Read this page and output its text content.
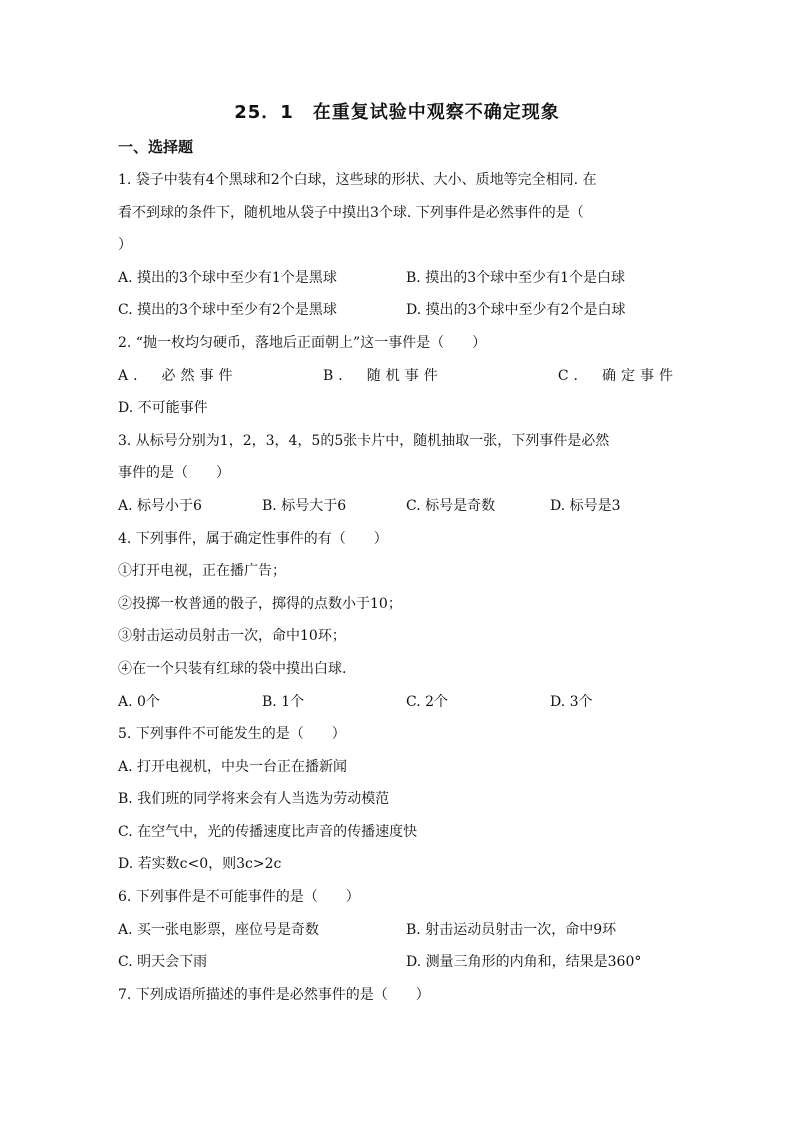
25．1　在重复试验中观察不确定现象
一、选择题
1. 袋子中装有4个黑球和2个白球，这些球的形状、大小、质地等完全相同. 在
看不到球的条件下，随机地从袋子中摸出3个球. 下列事件是必然事件的是（
）
A. 摸出的3个球中至少有1个是黑球	B. 摸出的3个球中至少有1个是白球
C. 摸出的3个球中至少有2个是黑球	D. 摸出的3个球中至少有2个是白球
2. “抛一枚均匀硬币，落地后正面朝上”这一事件是（　　）
A． 必然事件	B． 随机事件	C． 确定事件
D. 不可能事件
3. 从标号分别为1，2，3，4，5的5张卡片中，随机抽取一张，下列事件是必然
事件的是（　　）
A. 标号小于6	B. 标号大于6	C. 标号是奇数	D. 标号是3
4. 下列事件，属于确定性事件的有（　　）
①打开电视，正在播广告；
②投掷一枚普通的骰子，掷得的点数小于10；
③射击运动员射击一次，命中10环；
④在一个只装有红球的袋中摸出白球.
A. 0个	B. 1个	C. 2个	D. 3个
5. 下列事件不可能发生的是（　　）
A. 打开电视机，中央一台正在播新闻
B. 我们班的同学将来会有人当选为劳动模范
C. 在空气中，光的传播速度比声音的传播速度快
D. 若实数c<0，则3c>2c
6. 下列事件是不可能事件的是（　　）
A. 买一张电影票，座位号是奇数	B. 射击运动员射击一次，命中9环
C. 明天会下雨	D. 测量三角形的内角和，结果是360°
7. 下列成语所描述的事件是必然事件的是（　　）
